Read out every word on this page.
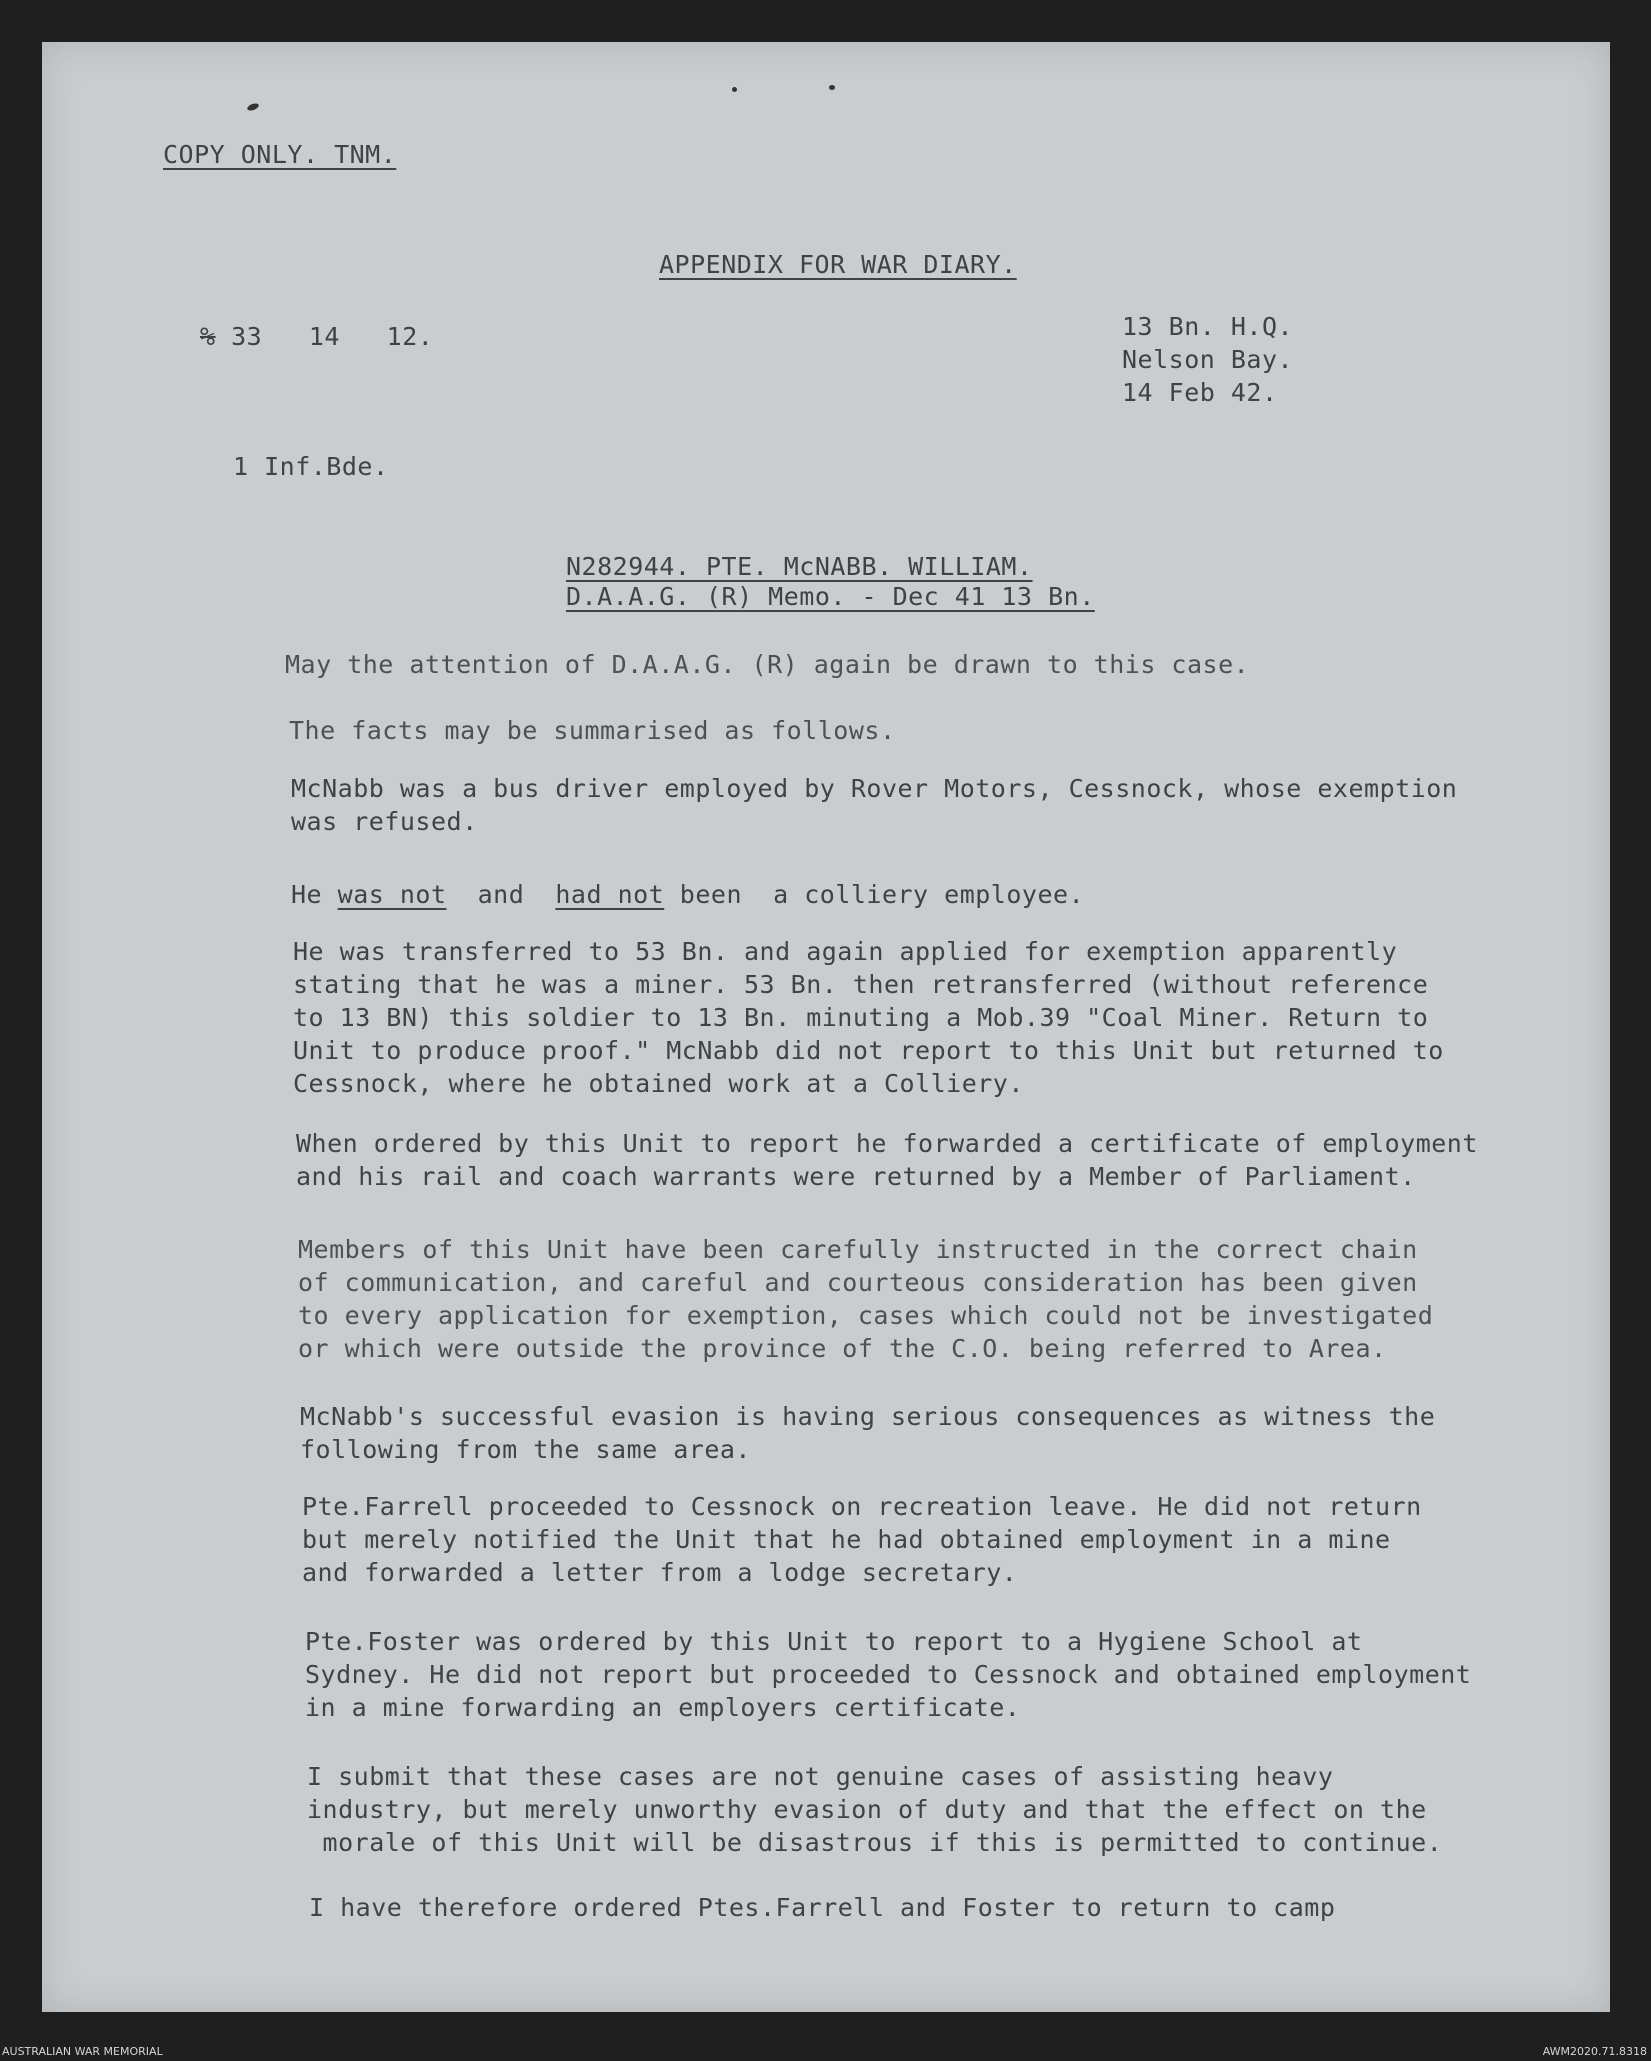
COPY ONLY. TNM.
APPENDIX FOR WAR DIARY.
% 33   14   12.	13 Bn. H.Q.
Nelson Bay.
14 Feb 42.
1 Inf.Bde.
N282944. PTE. McNABB. WILLIAM.
D.A.A.G. (R) Memo. - Dec 41 13 Bn.
May the attention of D.A.A.G. (R) again be drawn to this case.
The facts may be summarised as follows.
McNabb was a bus driver employed by Rover Motors, Cessnock, whose exemption
was refused.
He was not  and  had not been  a colliery employee.
He was transferred to 53 Bn. and again applied for exemption apparently
stating that he was a miner. 53 Bn. then retransferred (without reference
to 13 BN) this soldier to 13 Bn. minuting a Mob.39 "Coal Miner. Return to
Unit to produce proof." McNabb did not report to this Unit but returned to
Cessnock, where he obtained work at a Colliery.
When ordered by this Unit to report he forwarded a certificate of employment
and his rail and coach warrants were returned by a Member of Parliament.
Members of this Unit have been carefully instructed in the correct chain
of communication, and careful and courteous consideration has been given
to every application for exemption, cases which could not be investigated
or which were outside the province of the C.O. being referred to Area.
McNabb's successful evasion is having serious consequences as witness the
following from the same area.
Pte.Farrell proceeded to Cessnock on recreation leave. He did not return
but merely notified the Unit that he had obtained employment in a mine
and forwarded a letter from a lodge secretary.
Pte.Foster was ordered by this Unit to report to a Hygiene School at
Sydney. He did not report but proceeded to Cessnock and obtained employment
in a mine forwarding an employers certificate.
I submit that these cases are not genuine cases of assisting heavy
industry, but merely unworthy evasion of duty and that the effect on the
morale of this Unit will be disastrous if this is permitted to continue.
I have therefore ordered Ptes.Farrell and Foster to return to camp
AUSTRALIAN WAR MEMORIAL	AWM2020.71.8318
